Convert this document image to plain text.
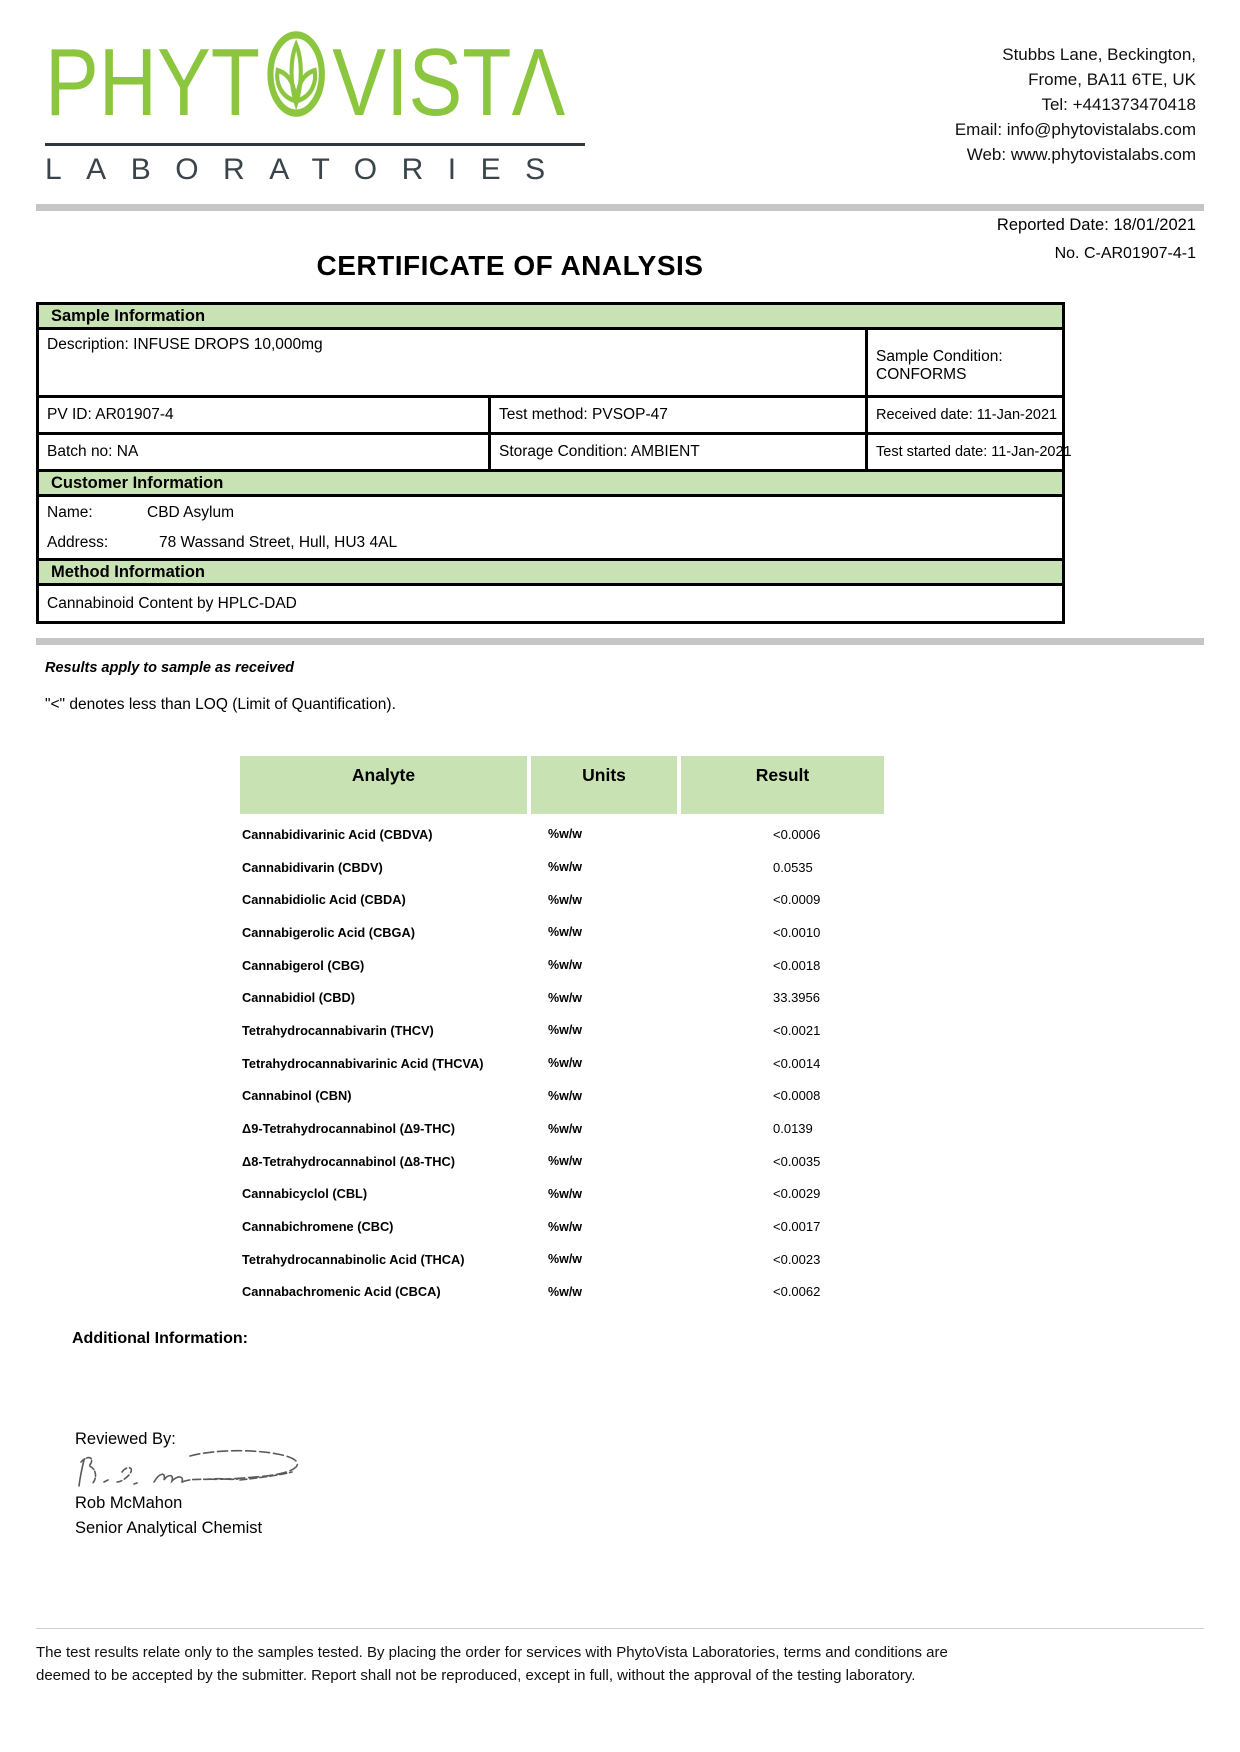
PHYT VISTΛ
LABORATORIES
Stubbs Lane, Beckington,
Frome, BA11 6TE, UK
Tel: +441373470418
Email: info@phytovistalabs.com
Web: www.phytovistalabs.com
Reported Date: 18/01/2021
No. C-AR01907-4-1
CERTIFICATE OF ANALYSIS
Sample Information
Description: INFUSE DROPS 10,000mg
Sample Condition: CONFORMS
PV ID: AR01907-4	Test method: PVSOP-47	Received date: 11-Jan-2021
Batch no: NA	Storage Condition: AMBIENT	Test started date: 11-Jan-2021
Customer Information
Name:	CBD Asylum
Address:	78 Wassand Street, Hull, HU3 4AL
Method Information
Cannabinoid Content by HPLC-DAD
Results apply to sample as received
"<" denotes less than LOQ (Limit of Quantification).
Analyte	Units	Result
Cannabidivarinic Acid (CBDVA)	%w/w	<0.0006
Cannabidivarin (CBDV)	%w/w	0.0535
Cannabidiolic Acid (CBDA)	%w/w	<0.0009
Cannabigerolic Acid (CBGA)	%w/w	<0.0010
Cannabigerol (CBG)	%w/w	<0.0018
Cannabidiol (CBD)	%w/w	33.3956
Tetrahydrocannabivarin (THCV)	%w/w	<0.0021
Tetrahydrocannabivarinic Acid (THCVA)	%w/w	<0.0014
Cannabinol (CBN)	%w/w	<0.0008
Δ9-Tetrahydrocannabinol (Δ9-THC)	%w/w	0.0139
Δ8-Tetrahydrocannabinol (Δ8-THC)	%w/w	<0.0035
Cannabicyclol (CBL)	%w/w	<0.0029
Cannabichromene (CBC)	%w/w	<0.0017
Tetrahydrocannabinolic Acid (THCA)	%w/w	<0.0023
Cannabachromenic Acid (CBCA)	%w/w	<0.0062
Additional Information:
Reviewed By:
Rob McMahon
Senior Analytical Chemist
The test results relate only to the samples tested. By placing the order for services with PhytoVista Laboratories, terms and conditions are
deemed to be accepted by the submitter. Report shall not be reproduced, except in full, without the approval of the testing laboratory.
